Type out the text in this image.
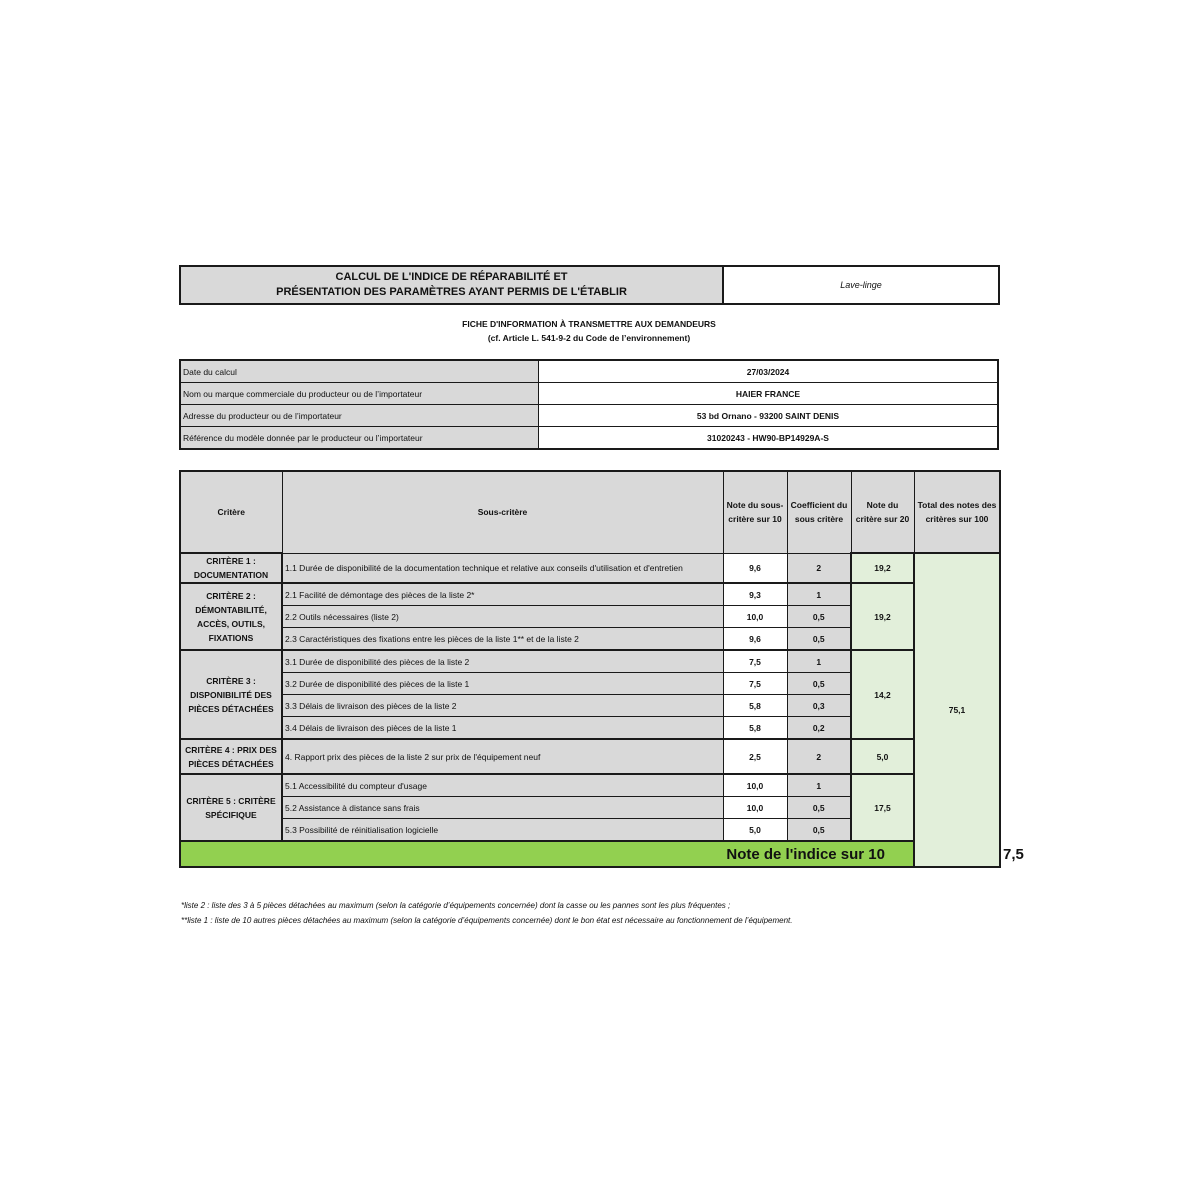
CALCUL DE L'INDICE DE RÉPARABILITÉ ET
PRÉSENTATION DES PARAMÈTRES AYANT PERMIS DE L'ÉTABLIR
Lave-linge
FICHE D'INFORMATION À TRANSMETTRE AUX DEMANDEURS
(cf. Article L. 541-9-2 du Code de l’environnement)
Date du calcul	27/03/2024
Nom ou marque commerciale du producteur ou de l’importateur	HAIER FRANCE
Adresse du producteur ou de l’importateur	53 bd Ornano - 93200 SAINT DENIS
Référence du modèle donnée par le producteur ou l’importateur	31020243 - HW90-BP14929A-S
Critère	Sous-critère	Note du sous-critère sur 10	Coefficient du sous critère	Note du critère sur 20	Total des notes des critères sur 100	
CRITÈRE 1 : DOCUMENTATION	1.1 Durée de disponibilité de la documentation technique et relative aux conseils d'utilisation et d'entretien	9,6	2	19,2	75,1	
CRITÈRE 2 : DÉMONTABILITÉ, ACCÈS, OUTILS, FIXATIONS	2.1 Facilité de démontage des pièces de la liste 2*	9,3	1	19,2		
	2.2 Outils nécessaires (liste 2)	10,0	0,5			
	2.3 Caractéristiques des fixations entre les pièces de la liste 1** et de la liste 2	9,6	0,5			
CRITÈRE 3 : DISPONIBILITÉ DES PIÈCES DÉTACHÉES	3.1 Durée de disponibilité des pièces de la liste 2	7,5	1	14,2		
	3.2 Durée de disponibilité des pièces de la liste 1	7,5	0,5			
	3.3 Délais de livraison des pièces de la liste 2	5,8	0,3			
	3.4 Délais de livraison des pièces de la liste 1	5,8	0,2			
CRITÈRE 4 : PRIX DES PIÈCES DÉTACHÉES	4. Rapport prix des pièces de la liste 2 sur prix de l'équipement neuf	2,5	2	5,0		
CRITÈRE 5 : CRITÈRE SPÉCIFIQUE	5.1 Accessibilité du compteur d'usage	10,0	1	17,5		
	5.2 Assistance à distance sans frais	10,0	0,5			
	5.3 Possibilité de réinitialisation logicielle	5,0	0,5			
Note de l'indice sur 10						7,5
*liste 2 : liste des 3 à 5 pièces détachées au maximum (selon la catégorie d’équipements concernée) dont la casse ou les pannes sont les plus fréquentes ;
**liste 1 : liste de 10 autres pièces détachées au maximum (selon la catégorie d’équipements concernée) dont le bon état est nécessaire au fonctionnement de l’équipement.
